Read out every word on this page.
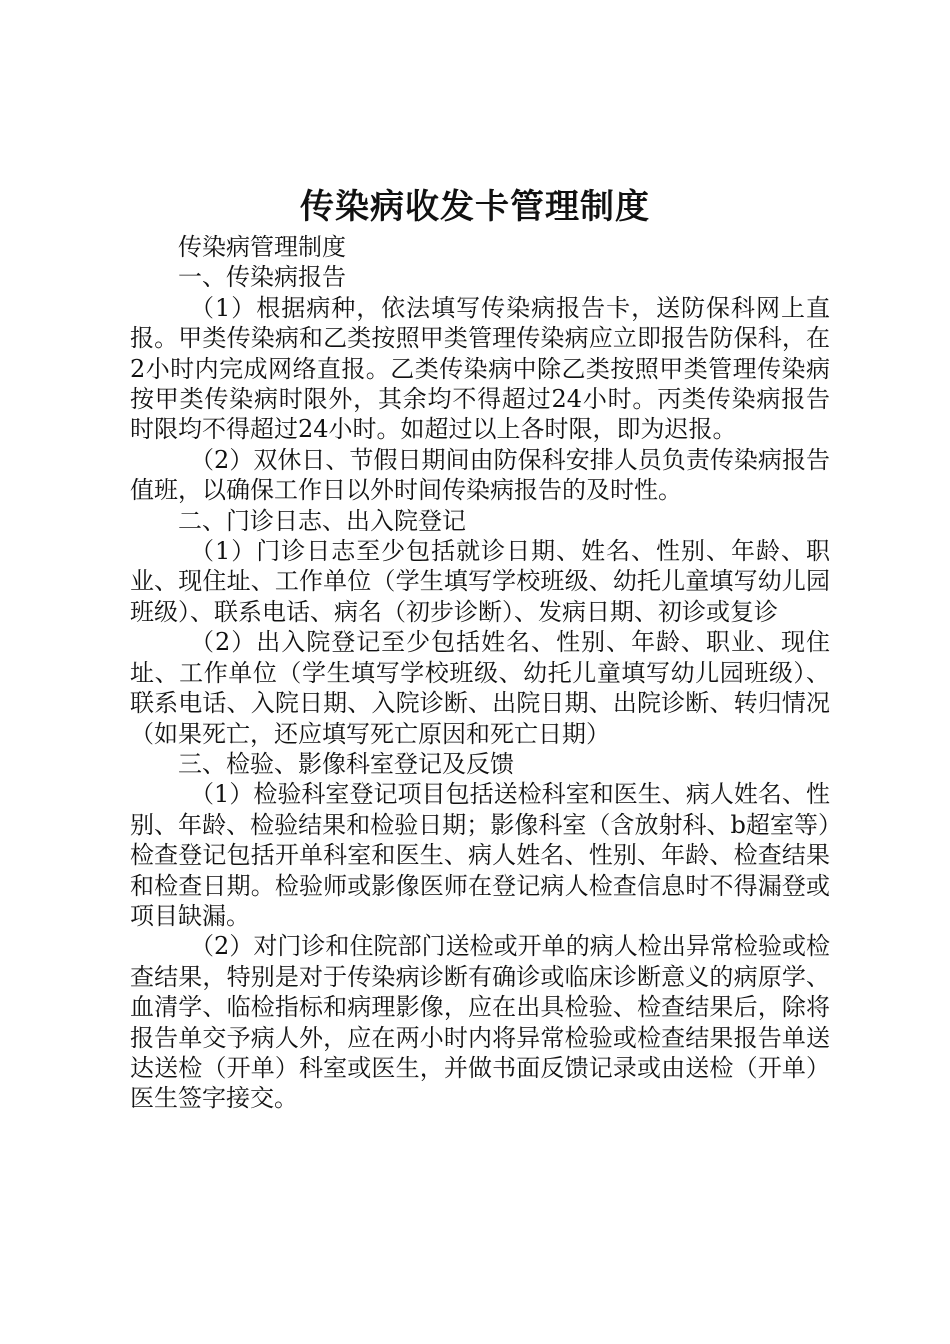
传染病收发卡管理制度

传染病管理制度

一、传染病报告

（1）根据病种，依法填写传染病报告卡，送防保科网上直报。甲类传染病和乙类按照甲类管理传染病应立即报告防保科，在2小时内完成网络直报。乙类传染病中除乙类按照甲类管理传染病按甲类传染病时限外，其余均不得超过24小时。丙类传染病报告时限均不得超过24小时。如超过以上各时限，即为迟报。

（2）双休日、节假日期间由防保科安排人员负责传染病报告值班，以确保工作日以外时间传染病报告的及时性。

二、门诊日志、出入院登记

（1）门诊日志至少包括就诊日期、姓名、性别、年龄、职业、现住址、工作单位（学生填写学校班级、幼托儿童填写幼儿园班级）、联系电话、病名（初步诊断）、发病日期、初诊或复诊

（2）出入院登记至少包括姓名、性别、年龄、职业、现住址、工作单位（学生填写学校班级、幼托儿童填写幼儿园班级）、联系电话、入院日期、入院诊断、出院日期、出院诊断、转归情况（如果死亡，还应填写死亡原因和死亡日期）

三、检验、影像科室登记及反馈

（1）检验科室登记项目包括送检科室和医生、病人姓名、性别、年龄、检验结果和检验日期；影像科室（含放射科、b超室等）检查登记包括开单科室和医生、病人姓名、性别、年龄、检查结果和检查日期。检验师或影像医师在登记病人检查信息时不得漏登或项目缺漏。

（2）对门诊和住院部门送检或开单的病人检出异常检验或检查结果，特别是对于传染病诊断有确诊或临床诊断意义的病原学、血清学、临检指标和病理影像，应在出具检验、检查结果后，除将报告单交予病人外，应在两小时内将异常检验或检查结果报告单送达送检（开单）科室或医生，并做书面反馈记录或由送检（开单）医生签字接交。
